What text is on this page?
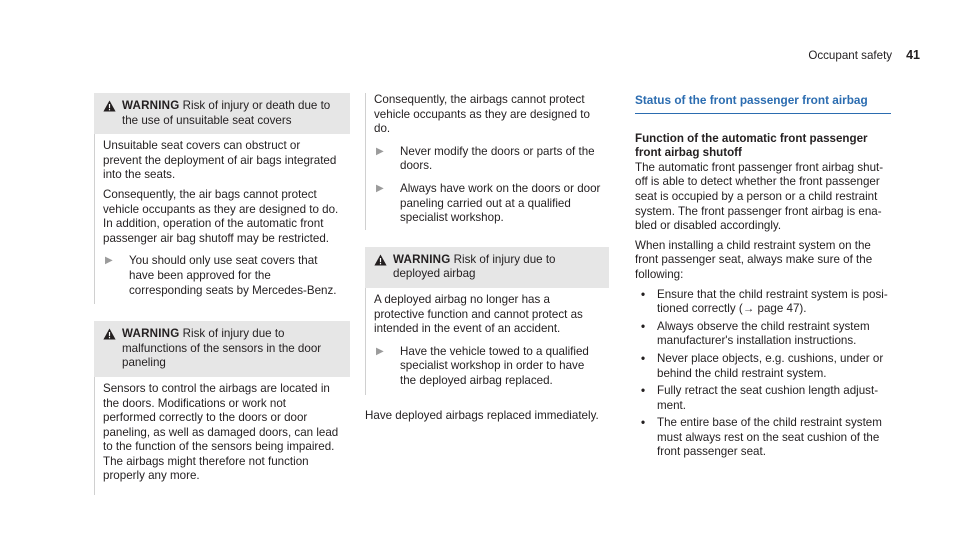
Occupant safety 41
WARNING Risk of injury or death due to the use of unsuitable seat covers

Unsuitable seat covers can obstruct or prevent the deployment of air bags integrated into the seats.

Consequently, the air bags cannot protect vehicle occupants as they are designed to do. In addition, operation of the automatic front passenger air bag shutoff may be restricted.

▶	You should only use seat covers that have been approved for the corresponding seats by Mercedes-Benz.
WARNING Risk of injury due to malfunctions of the sensors in the door paneling

Sensors to control the airbags are located in the doors. Modifications or work not performed correctly to the doors or door paneling, as well as damaged doors, can lead to the function of the sensors being impaired. The airbags might therefore not function properly any more.

Consequently, the airbags cannot protect vehicle occupants as they are designed to do.

▶	Never modify the doors or parts of the doors.
▶	Always have work on the doors or door paneling carried out at a qualified specialist workshop.
WARNING Risk of injury due to deployed airbag

A deployed airbag no longer has a protective function and cannot protect as intended in the event of an accident.

▶	Have the vehicle towed to a qualified specialist workshop in order to have the deployed airbag replaced.

Have deployed airbags replaced immediately.

Status of the front passenger front airbag

Function of the automatic front passenger front airbag shutoff

The automatic front passenger front airbag shutoff is able to detect whether the front passenger seat is occupied by a person or a child restraint system. The front passenger front airbag is enabled or disabled accordingly.

When installing a child restraint system on the front passenger seat, always make sure of the following:

•	Ensure that the child restraint system is positioned correctly (→ page 47).
•	Always observe the child restraint system manufacturer's installation instructions.
•	Never place objects, e.g. cushions, under or behind the child restraint system.
•	Fully retract the seat cushion length adjustment.
•	The entire base of the child restraint system must always rest on the seat cushion of the front passenger seat.
